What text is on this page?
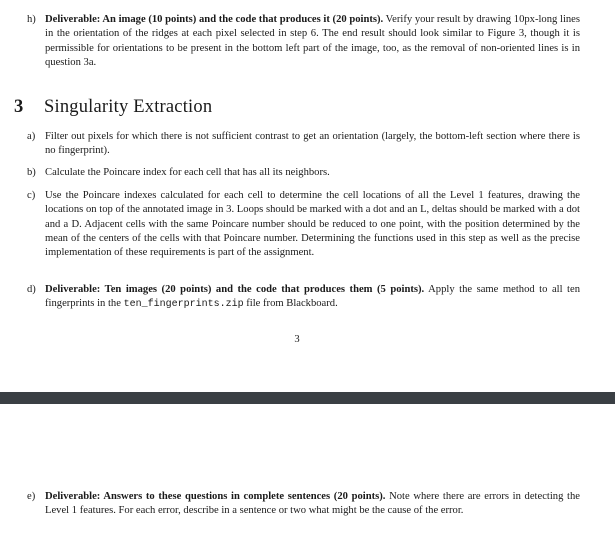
h) Deliverable: An image (10 points) and the code that produces it (20 points). Verify your result by drawing 10px-long lines in the orientation of the ridges at each pixel selected in step 6. The end result should look similar to Figure 3, though it is permissible for orientations to be present in the bottom left part of the image, too, as the removal of non-oriented lines is in question 3a.
3 Singularity Extraction
a) Filter out pixels for which there is not sufficient contrast to get an orientation (largely, the bottom-left section where there is no fingerprint).
b) Calculate the Poincare index for each cell that has all its neighbors.
c) Use the Poincare indexes calculated for each cell to determine the cell locations of all the Level 1 features, drawing the locations on top of the annotated image in 3. Loops should be marked with a dot and an L, deltas should be marked with a dot and a D. Adjacent cells with the same Poincare number should be reduced to one point, with the position determined by the mean of the centers of the cells with that Poincare number. Determining the functions used in this step as well as the precise implementation of these requirements is part of the assignment.
d) Deliverable: Ten images (20 points) and the code that produces them (5 points). Apply the same method to all ten fingerprints in the ten_fingerprints.zip file from Blackboard.
3
e) Deliverable: Answers to these questions in complete sentences (20 points). Note where there are errors in detecting the Level 1 features. For each error, describe in a sentence or two what might be the cause of the error.
